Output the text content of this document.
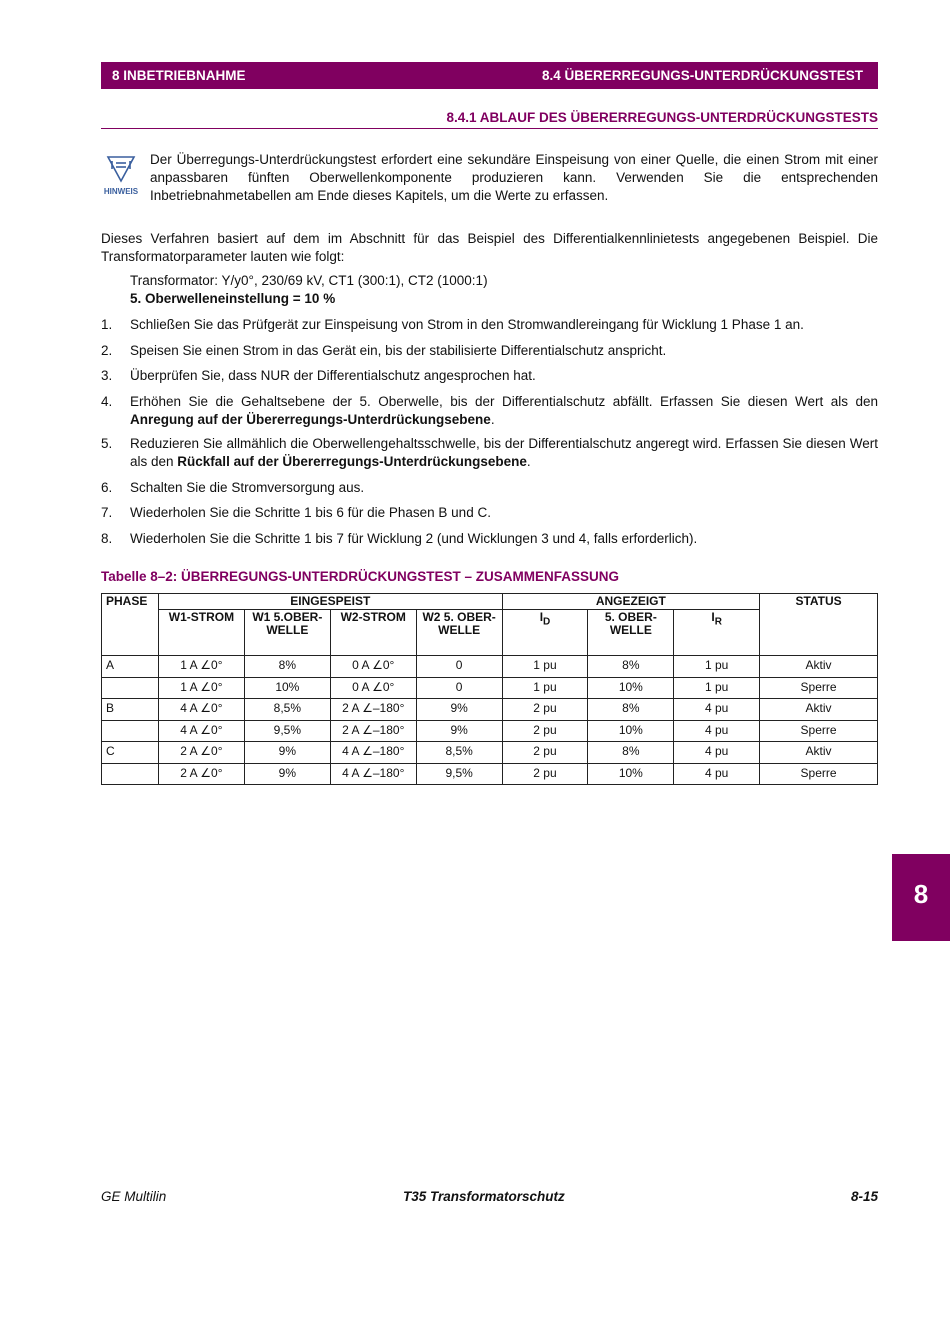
8 INBETRIEBNAHME	8.4 ÜBERERREGUNGS-UNTERDRÜCKUNGSTEST
8.4.1 ABLAUF DES ÜBERERREGUNGS-UNTERDRÜCKUNGSTESTS
HINWEIS
Der Überregungs-Unterdrückungstest erfordert eine sekundäre Einspeisung von einer Quelle, die einen Strom mit einer anpassbaren fünften Oberwellenkomponente produzieren kann. Verwenden Sie die entsprechenden Inbetriebnahmetabellen am Ende dieses Kapitels, um die Werte zu erfassen.
Dieses Verfahren basiert auf dem im Abschnitt für das Beispiel des Differentialkennlinietests angegebenen Beispiel. Die Transformatorparameter lauten wie folgt:
Transformator: Y/y0°, 230/69 kV, CT1 (300:1), CT2 (1000:1)
5. Oberwelleneinstellung = 10 %
1. Schließen Sie das Prüfgerät zur Einspeisung von Strom in den Stromwandlereingang für Wicklung 1 Phase 1 an.
2. Speisen Sie einen Strom in das Gerät ein, bis der stabilisierte Differentialschutz anspricht.
3. Überprüfen Sie, dass NUR der Differentialschutz angesprochen hat.
4. Erhöhen Sie die Gehaltsebene der 5. Oberwelle, bis der Differentialschutz abfällt. Erfassen Sie diesen Wert als den Anregung auf der Übererregungs-Unterdrückungsebene.
5. Reduzieren Sie allmählich die Oberwellengehaltsschwelle, bis der Differentialschutz angeregt wird. Erfassen Sie diesen Wert als den Rückfall auf der Übererregungs-Unterdrückungsebene.
6. Schalten Sie die Stromversorgung aus.
7. Wiederholen Sie die Schritte 1 bis 6 für die Phasen B und C.
8. Wiederholen Sie die Schritte 1 bis 7 für Wicklung 2 (und Wicklungen 3 und 4, falls erforderlich).
Tabelle 8–2: ÜBERREGUNGS-UNTERDRÜCKUNGSTEST – ZUSAMMENFASSUNG
PHASE	EINGESPEIST				ANGEZEIGT			STATUS
	W1-STROM	W1 5.OBER-WELLE	W2-STROM	W2 5. OBER-WELLE	$I_D$	5. OBER-WELLE	$I_R$
A	1 A ∠0°	8%	0 A ∠0°	0	1 pu	8%	1 pu	Aktiv
	1 A ∠0°	10%	0 A ∠0°	0	1 pu	10%	1 pu	Sperre
B	4 A ∠0°	8,5%	2 A ∠–180°	9%	2 pu	8%	4 pu	Aktiv
	4 A ∠0°	9,5%	2 A ∠–180°	9%	2 pu	10%	4 pu	Sperre
C	2 A ∠0°	9%	4 A ∠–180°	8,5%	2 pu	8%	4 pu	Aktiv
	2 A ∠0°	9%	4 A ∠–180°	9,5%	2 pu	10%	4 pu	Sperre
GE Multilin	T35 Transformatorschutz	8-15
8
